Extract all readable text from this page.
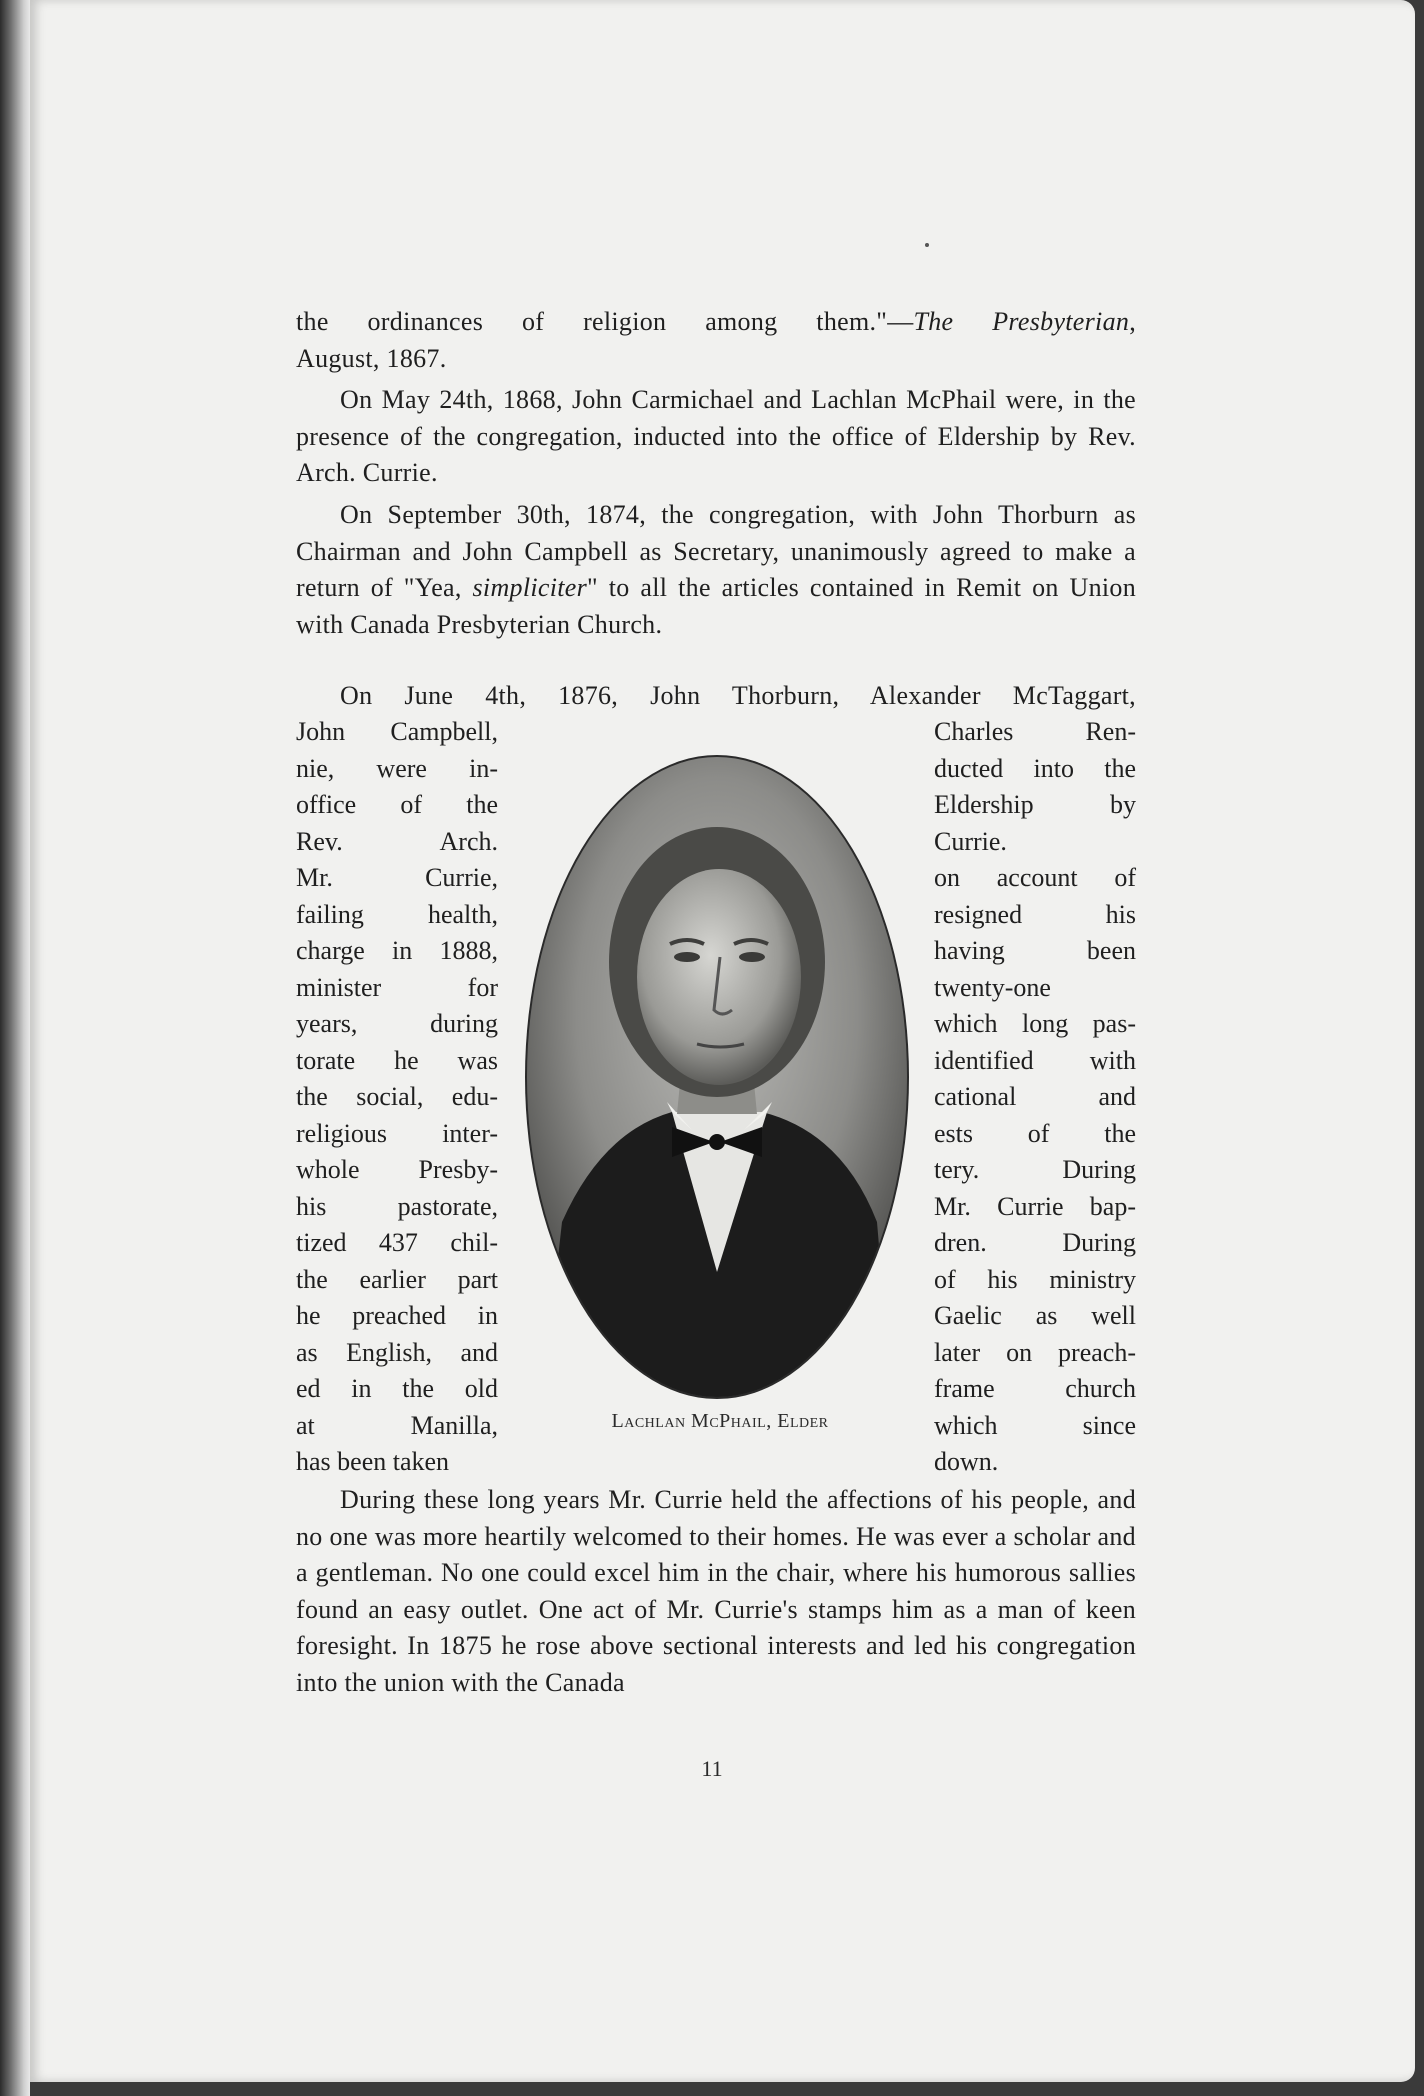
the ordinances of religion among them."—The Presbyterian,

August, 1867.

On May 24th, 1868, John Carmichael and Lachlan McPhail were, in the presence of the congregation, inducted into the office of Eldership by Rev. Arch. Currie.

On September 30th, 1874, the congregation, with John Thorburn as Chairman and John Campbell as Secretary, unanimously agreed to make a return of "Yea, simpliciter" to all the articles contained in Remit on Union with Canada Presbyterian Church.

On June 4th, 1876, John Thorburn, Alexander McTaggart,

John Campbell,
nie, were in-
office of the
Rev. Arch.
Mr. Currie,
failing health,
charge in 1888,
minister for
years, during
torate he was
the social, edu-
religious inter-
whole Presby-
his pastorate,
tized 437 chil-
the earlier part
he preached in
as English, and
ed in the old
at Manilla,
has been taken
Charles Ren-
ducted into the
Eldership by
Currie.
on account of
resigned his
having been
twenty-one
which long pas-
identified with
cational and
ests of the
tery. During
Mr. Currie bap-
dren. During
of his ministry
Gaelic as well
later on preach-
frame church
which since
down.
Lachlan McPhail, Elder

During these long years Mr. Currie held the affections of his people, and no one was more heartily welcomed to their homes. He was ever a scholar and a gentleman. No one could excel him in the chair, where his humorous sallies found an easy outlet. One act of Mr. Currie's stamps him as a man of keen foresight. In 1875 he rose above sectional interests and led his congregation into the union with the Canada

11
